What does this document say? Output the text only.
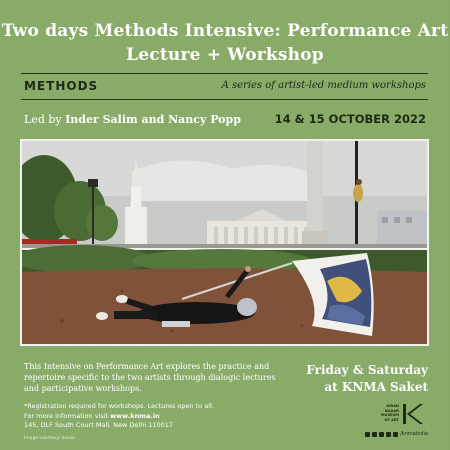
Two days Methods Intensive: Performance Art
Lecture + Workshop
METHODS	A series of artist-led medium workshops
Led by Inder Salim and Nancy Popp	14 & 15 OCTOBER 2022
This Intensive on Performance Art explores the practice and repertoire specific to the two artists through dialogic lectures and participative workshops.
Friday & Saturday
at KNMA Saket
*Registration required for workshops. Lectures open to all.
For more information visit www.knma.in
145, DLF South Court Mall, New Delhi 110017
Image courtesy: xxxxx
KIRAN
NADAR
MUSEUM
OF ART
/knmaindia
